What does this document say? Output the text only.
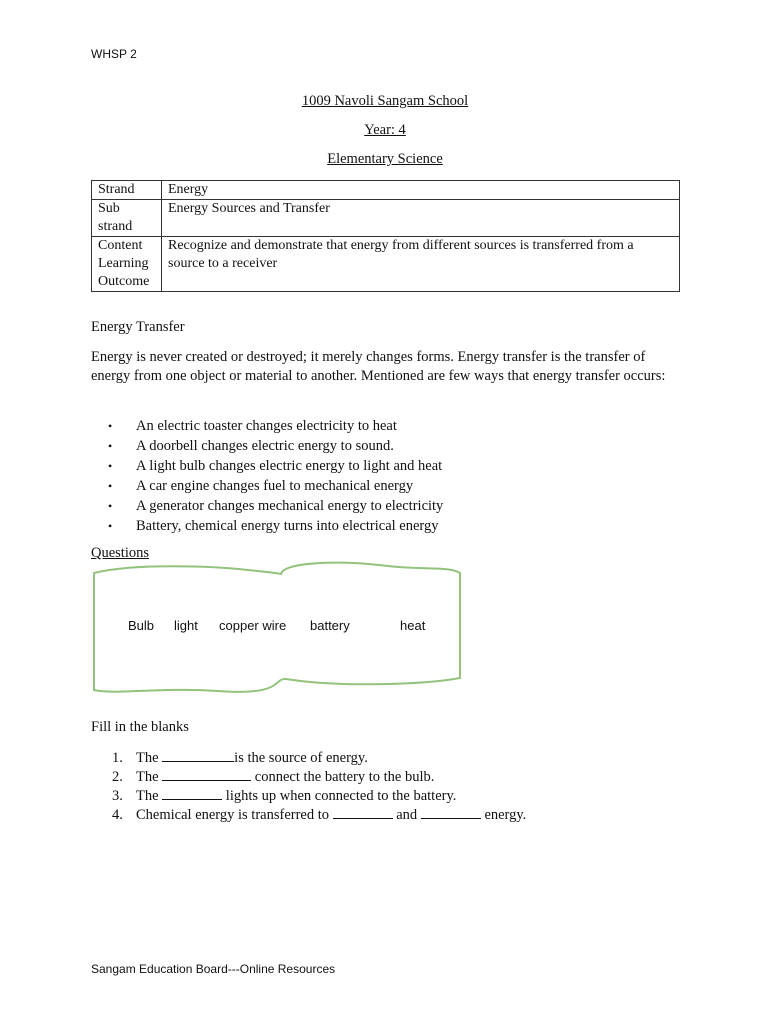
WHSP 2
1009 Navoli Sangam School
Year: 4
Elementary Science
Strand	Energy
Sub strand	Energy Sources and Transfer
Content Learning Outcome	Recognize and demonstrate that energy from different sources is transferred from a source to a receiver
Energy Transfer
Energy is never created or destroyed; it merely changes forms. Energy transfer is the transfer of energy from one object or material to another. Mentioned are few ways that energy transfer occurs:
• An electric toaster changes electricity to heat
• A doorbell changes electric energy to sound.
• A light bulb changes electric energy to light and heat
• A car engine changes fuel to mechanical energy
• A generator changes mechanical energy to electricity
• Battery, chemical energy turns into electrical energy
Questions
Bulb light copper wire battery	heat
Fill in the blanks
1. The	is the source of energy.
2. The	connect the battery to the bulb.
3. The	lights up when connected to the battery.
4. Chemical energy is transferred to	and	energy.
Sangam Education Board---Online Resources
